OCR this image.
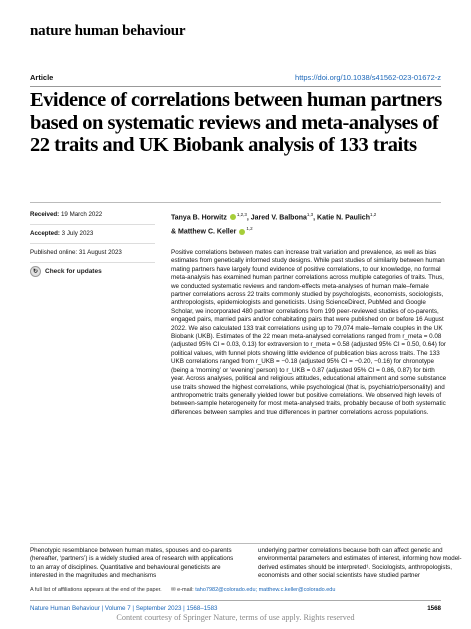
nature human behaviour
Article	https://doi.org/10.1038/s41562-023-01672-z
Evidence of correlations between human partners based on systematic reviews and meta-analyses of 22 traits and UK Biobank analysis of 133 traits
Received: 19 March 2022
Accepted: 3 July 2023
Published online: 31 August 2023
↻	Check for updates
Tanya B. Horwitz $^{1,2,3}$, Jared V. Balbona$^{1,3}$, Katie N. Paulich$^{1,2}$
& Matthew C. Keller $^{1,2}$

Positive correlations between mates can increase trait variation and prevalence, as well as bias estimates from genetically informed study designs. While past studies of similarity between human mating partners have largely found evidence of positive correlations, to our knowledge, no formal meta-analysis has examined human partner correlations across multiple categories of traits. Thus, we conducted systematic reviews and random-effects meta-analyses of human male–female partner correlations across 22 traits commonly studied by psychologists, economists, sociologists, anthropologists, epidemiologists and geneticists. Using ScienceDirect, PubMed and Google Scholar, we incorporated 480 partner correlations from 199 peer-reviewed studies of co-parents, engaged pairs, married pairs and/or cohabitating pairs that were published on or before 16 August 2022. We also calculated 133 trait correlations using up to 79,074 male–female couples in the UK Biobank (UKB). Estimates of the 22 mean meta-analysed correlations ranged from r_meta = 0.08 (adjusted 95% CI = 0.03, 0.13) for extraversion to r_meta = 0.58 (adjusted 95% CI = 0.50, 0.64) for political values, with funnel plots showing little evidence of publication bias across traits. The 133 UKB correlations ranged from r_UKB = −0.18 (adjusted 95% CI = −0.20, −0.16) for chronotype (being a ‘morning’ or ‘evening’ person) to r_UKB = 0.87 (adjusted 95% CI = 0.86, 0.87) for birth year. Across analyses, political and religious attitudes, educational attainment and some substance use traits showed the highest correlations, while psychological (that is, psychiatric/personality) and anthropometric traits generally yielded lower but positive correlations. We observed high levels of between-sample heterogeneity for most meta-analysed traits, probably because of both systematic differences between samples and true differences in partner correlations across populations.

Phenotypic resemblance between human mates, spouses and co-parents (hereafter, ‘partners’) is a widely studied area of research with applications to an array of disciplines. Quantitative and behavioural geneticists are interested in the magnitudes and mechanisms

underlying partner correlations because both can affect genetic and environmental parameters and estimates of interest, informing how model-derived estimates should be interpreted¹. Sociologists, anthropologists, economists and other social scientists have studied partner

A full list of affiliations appears at the end of the paper. ✉ e-mail: taho7982@colorado.edu; matthew.c.keller@colorado.edu
Nature Human Behaviour | Volume 7 | September 2023 | 1568–1583	1568
Content courtesy of Springer Nature, terms of use apply. Rights reserved
